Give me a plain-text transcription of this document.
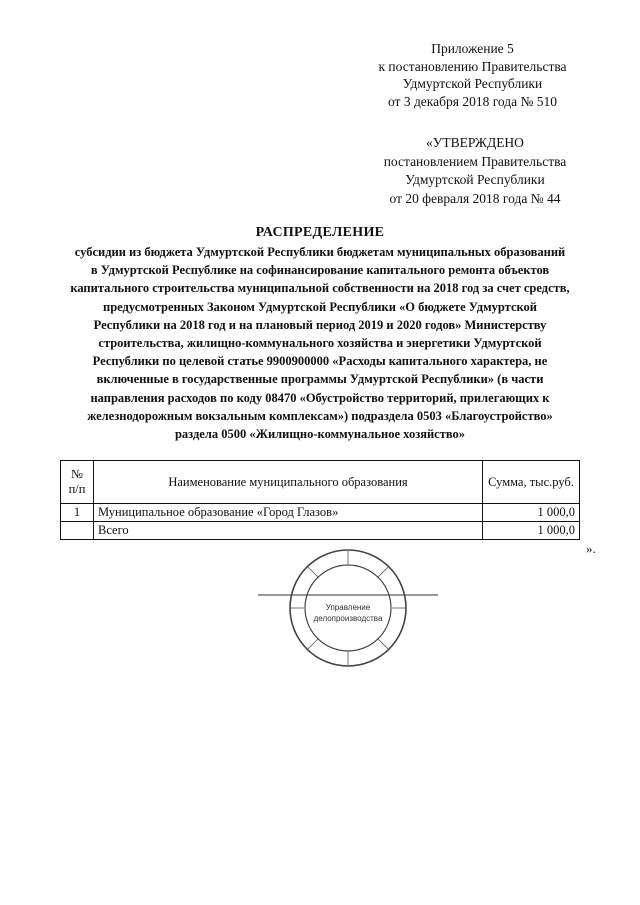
Приложение 5
к постановлению Правительства
Удмуртской Республики
от 3 декабря 2018 года № 510
«УТВЕРЖДЕНО
постановлением Правительства
Удмуртской Республики
от 20 февраля 2018 года № 44
РАСПРЕДЕЛЕНИЕ
субсидии из бюджета Удмуртской Республики бюджетам муниципальных образований
в Удмуртской Республике на софинансирование капитального ремонта объектов
капитального строительства муниципальной собственности на 2018 год за счет средств,
предусмотренных Законом Удмуртской Республики «О бюджете Удмуртской
Республики на 2018 год и на плановый период 2019 и 2020 годов» Министерству
строительства, жилищно-коммунального хозяйства и энергетики Удмуртской
Республики по целевой статье 9900900000 «Расходы капитального характера, не
включенные в государственные программы Удмуртской Республики» (в части
направления расходов по коду 08470 «Обустройство территорий, прилегающих к
железнодорожным вокзальным комплексам») подраздела 0503 «Благоустройство»
раздела 0500 «Жилищно-коммунальное хозяйство»
№
п/п	Наименование муниципального образования	Сумма, тыс.руб.
1	Муниципальное образование «Город Глазов»	1 000,0
	Всего	1 000,0
».
Управление
делопроизводства
